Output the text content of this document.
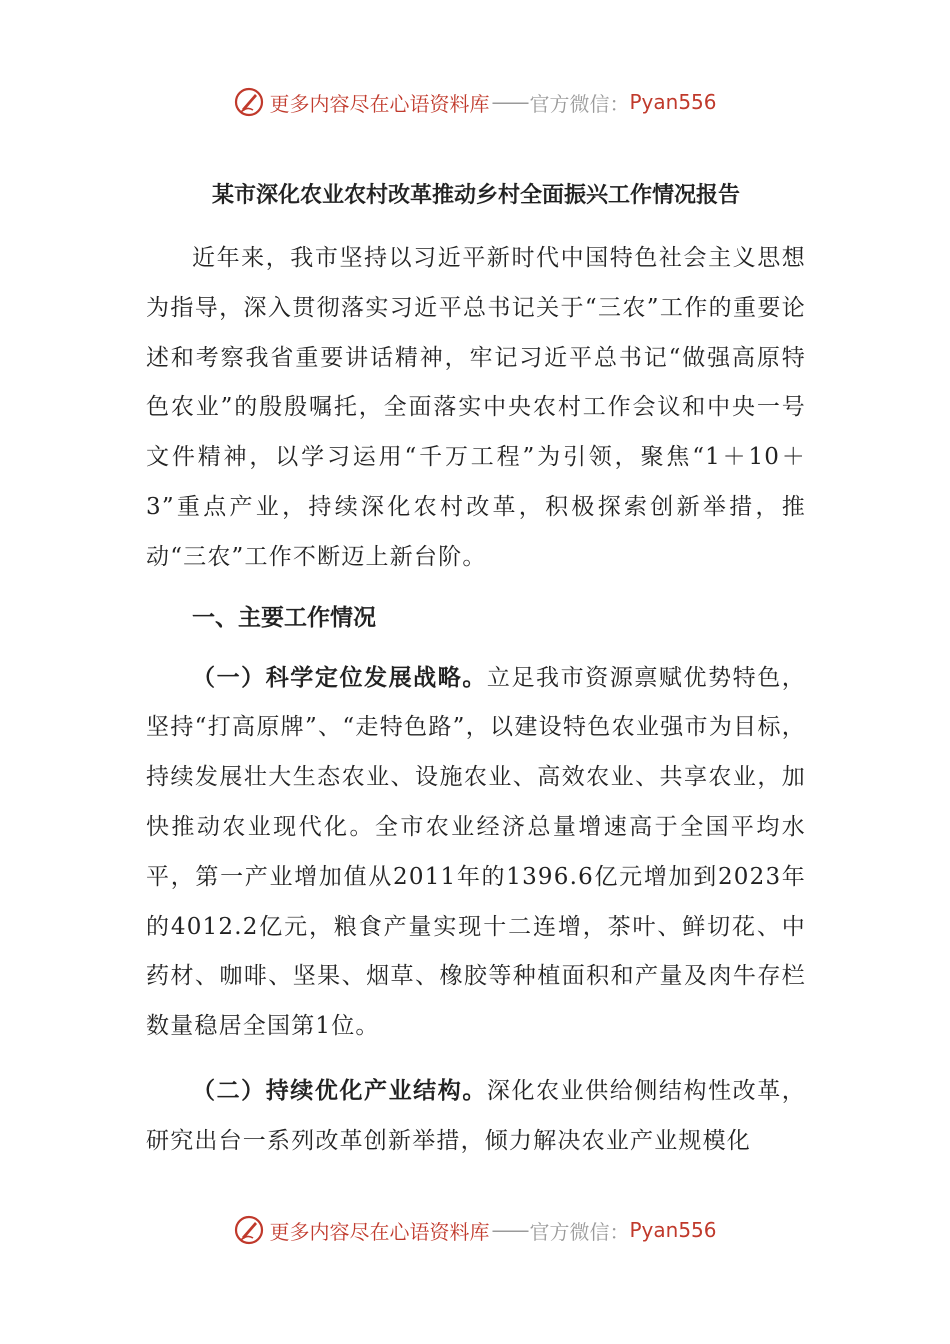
更多内容尽在心语资料库 —— 官方微信： Pyan556
某市深化农业农村改革推动乡村全面振兴工作情况报告

近年来，我市坚持以习近平新时代中国特色社会主义思想为指导，深入贯彻落实习近平总书记关于“三农”工作的重要论述和考察我省重要讲话精神，牢记习近平总书记“做强高原特色农业”的殷殷嘱托，全面落实中央农村工作会议和中央一号文件精神，以学习运用“千万工程”为引领，聚焦“1＋10＋3”重点产业，持续深化农村改革，积极探索创新举措，推动“三农”工作不断迈上新台阶。

一、主要工作情况

（一）科学定位发展战略。立足我市资源禀赋优势特色，坚持“打高原牌”、“走特色路”，以建设特色农业强市为目标，持续发展壮大生态农业、设施农业、高效农业、共享农业，加快推动农业现代化。全市农业经济总量增速高于全国平均水平，第一产业增加值从2011年的1396.6亿元增加到2023年的4012.2亿元，粮食产量实现十二连增，茶叶、鲜切花、中药材、咖啡、坚果、烟草、橡胶等种植面积和产量及肉牛存栏数量稳居全国第1位。

（二）持续优化产业结构。深化农业供给侧结构性改革，研究出台一系列改革创新举措，倾力解决农业产业规模化

更多内容尽在心语资料库 —— 官方微信： Pyan556
